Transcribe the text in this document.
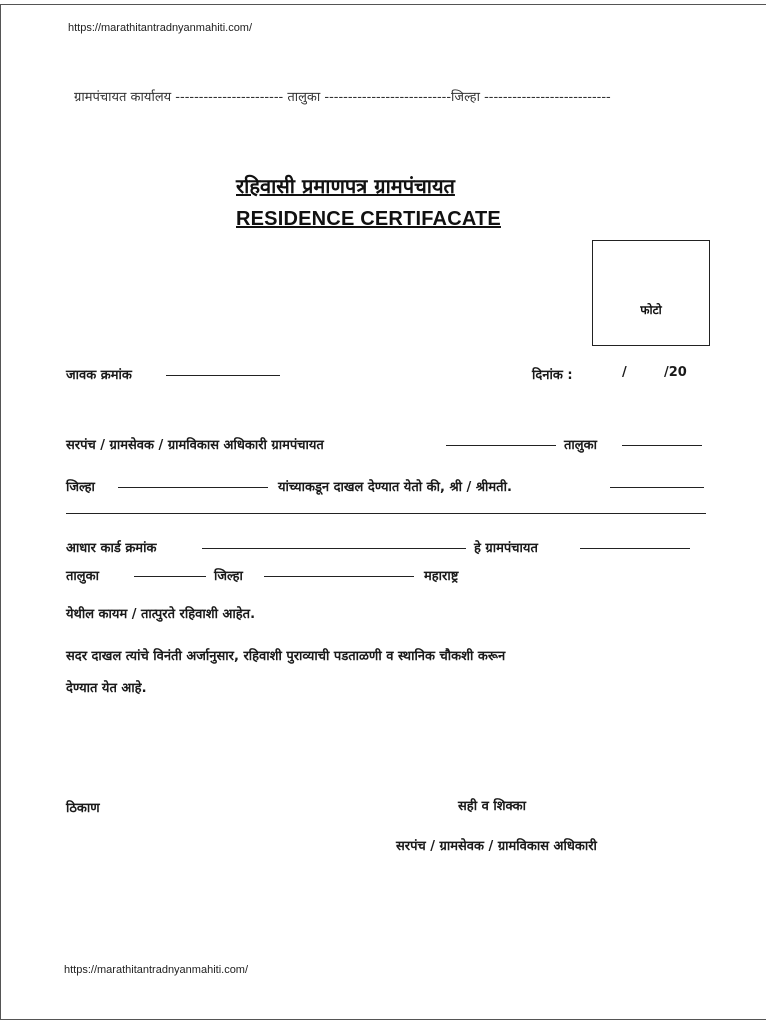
https://marathitantradnyanmahiti.com/
ग्रामपंचायत कार्यालय ----------------------- तालुका ---------------------------जिल्हा ---------------------------
रहिवासी प्रमाणपत्र ग्रामपंचायत
RESIDENCE CERTIFACATE
फोटो
जावक क्रमांक	दिनांक :	/	/20
सरपंच / ग्रामसेवक / ग्रामविकास अधिकारी ग्रामपंचायत	तालुका
जिल्हा	यांच्याकडून दाखल देण्यात येतो की, श्री / श्रीमती.
आधार कार्ड क्रमांक	हे ग्रामपंचायत
तालुका	जिल्हा	महाराष्ट्र
येथील कायम / तात्पुरते रहिवाशी आहेत.
सदर दाखल त्यांचे विनंती अर्जानुसार, रहिवाशी पुराव्याची पडताळणी व स्थानिक चौकशी करून
देण्यात येत आहे.
ठिकाण	सही व शिक्का
सरपंच / ग्रामसेवक / ग्रामविकास अधिकारी
https://marathitantradnyanmahiti.com/
